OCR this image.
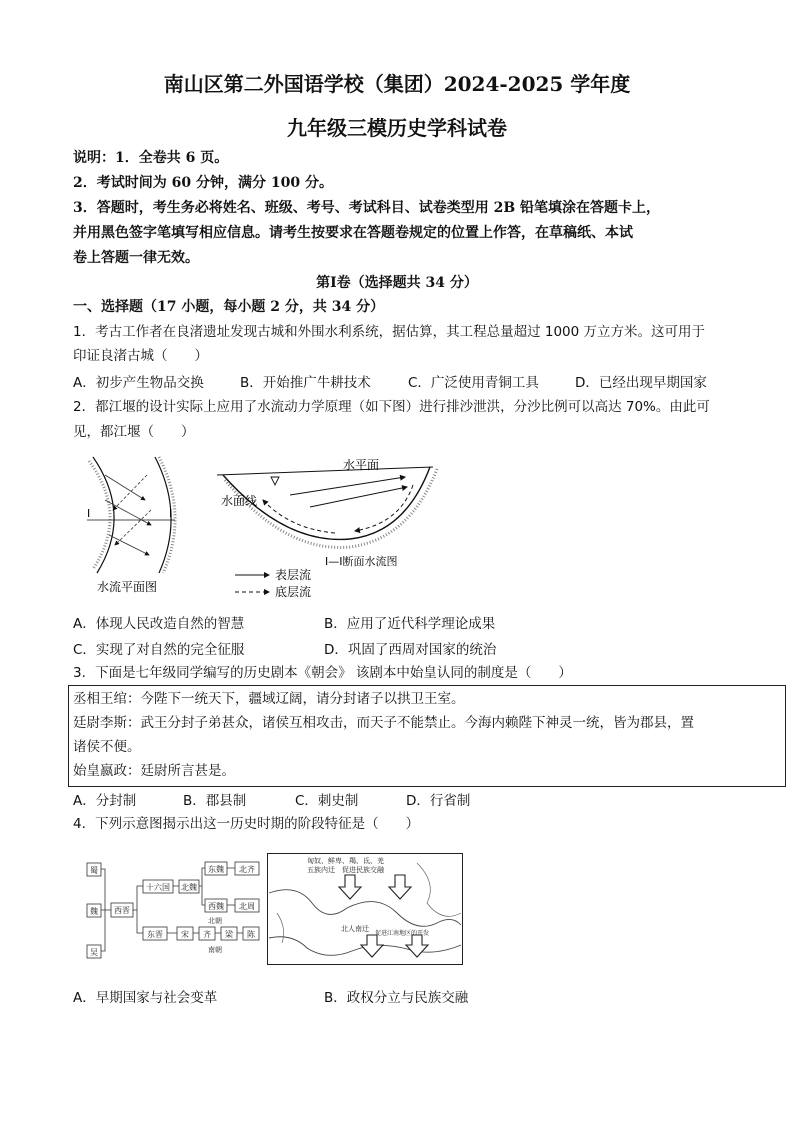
南山区第二外国语学校（集团）2024-2025 学年度
九年级三模历史学科试卷
说明：1．全卷共 6 页。
2．考试时间为 60 分钟，满分 100 分。
3．答题时，考生务必将姓名、班级、考号、考试科目、试卷类型用 2B 铅笔填涂在答题卡上，
并用黑色签字笔填写相应信息。请考生按要求在答题卷规定的位置上作答，在草稿纸、本试
卷上答题一律无效。
第Ⅰ卷（选择题共 34 分）
一、选择题（17 小题，每小题 2 分，共 34 分）
1．考古工作者在良渚遗址发现古城和外围水利系统，据估算，其工程总量超过 1000 万立方米。这可用于
印证良渚古城（　　）
A．初步产生物品交换	B．开始推广牛耕技术	C．广泛使用青铜工具	D．已经出现早期国家
2．都江堰的设计实际上应用了水流动力学原理（如下图）进行排沙泄洪，分沙比例可以高达 70%。由此可
见，都江堰（　　）
Ⅰ	Ⅰ
水流平面图
水平面
水面线
Ⅰ—Ⅰ断面水流图
表层流
底层流
A．体现人民改造自然的智慧	B．应用了近代科学理论成果
C．实现了对自然的完全征服	D．巩固了西周对国家的统治
3．下面是七年级同学编写的历史剧本《朝会》 该剧本中始皇认同的制度是（　　）
丞相王绾：今陛下一统天下，疆域辽阔，请分封诸子以拱卫王室。
廷尉李斯：武王分封子弟甚众，诸侯互相攻击，而天子不能禁止。今海内赖陛下神灵一统，皆为郡县，置
诸侯不便。
始皇嬴政：廷尉所言甚是。
A．分封制	B．郡县制	C．刺史制	D．行省制
4．下列示意图揭示出这一历史时期的阶段特征是（　　）
蜀
魏
吴
西晋
十六国 北魏
东魏
西魏
北齐
北周
东晋 宋 齐 梁 陈
北朝
南朝
匈奴、鲜卑、羯、氐、羌
五族内迁　促进民族交融
北人南迁
促进江南地区的开发
A．早期国家与社会变革	B．政权分立与民族交融
